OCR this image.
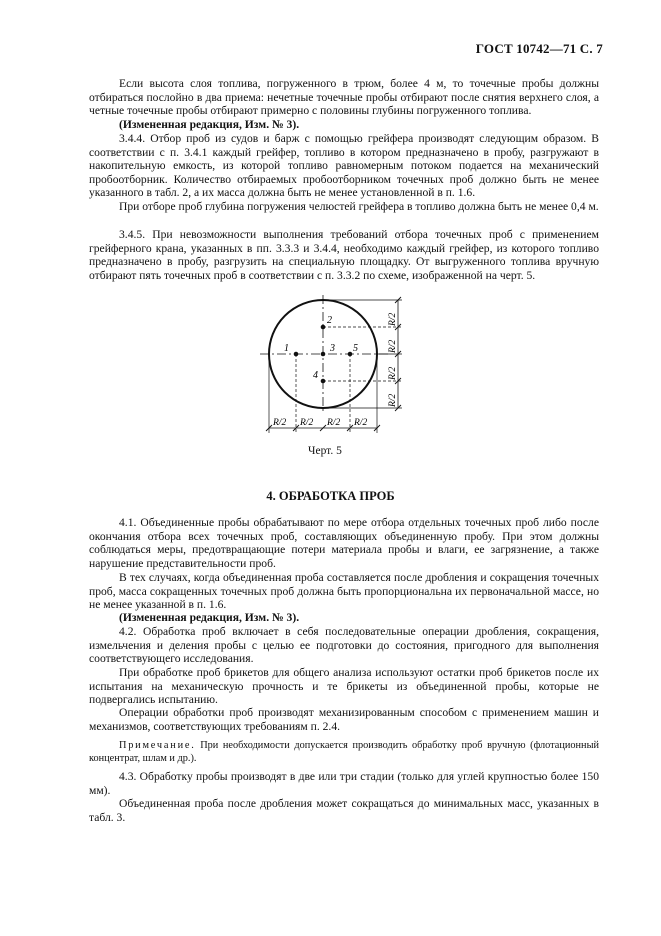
ГОСТ 10742—71 С. 7

Если высота слоя топлива, погруженного в трюм, более 4 м, то точечные пробы должны отбираться послойно в два приема: нечетные точечные пробы отбирают после снятия верхнего слоя, а четные точечные пробы отбирают примерно с половины глубины погруженного топлива.

(Измененная редакция, Изм. № 3).

3.4.4. Отбор проб из судов и барж с помощью грейфера производят следующим образом. В соответствии с п. 3.4.1 каждый грейфер, топливо в котором предназначено в пробу, разгружают в накопительную емкость, из которой топливо равномерным потоком подается на механический пробоотборник. Количество отбираемых пробоотборником точечных проб должно быть не менее указанного в табл. 2, а их масса должна быть не менее установленной в п. 1.6.

При отборе проб глубина погружения челюстей грейфера в топливо должна быть не менее 0,4 м.

3.4.5. При невозможности выполнения требований отбора точечных проб с применением грейферного крана, указанных в пп. 3.3.3 и 3.4.4, необходимо каждый грейфер, из которого топливо предназначено в пробу, разгрузить на специальную площадку. От выгруженного топлива вручную отбирают пять точечных проб в соответствии с п. 3.3.2 по схеме, изображенной на черт. 5.

1
2
3
4
5
R/2 R/2 R/2 R/2
R/2
R/2
R/2
R/2
Черт. 5
4. ОБРАБОТКА ПРОБ

4.1. Объединенные пробы обрабатывают по мере отбора отдельных точечных проб либо после окончания отбора всех точечных проб, составляющих объединенную пробу. При этом должны соблюдаться меры, предотвращающие потери материала пробы и влаги, ее загрязнение, а также нарушение представительности проб.

В тех случаях, когда объединенная проба составляется после дробления и сокращения точечных проб, масса сокращенных точечных проб должна быть пропорциональна их первоначальной массе, но не менее указанной в п. 1.6.

(Измененная редакция, Изм. № 3).

4.2. Обработка проб включает в себя последовательные операции дробления, сокращения, измельчения и деления пробы с целью ее подготовки до состояния, пригодного для выполнения соответствующего исследования.

При обработке проб брикетов для общего анализа используют остатки проб брикетов после их испытания на механическую прочность и те брикеты из объединенной пробы, которые не подвергались испытанию.

Операции обработки проб производят механизированным способом с применением машин и механизмов, соответствующих требованиям п. 2.4.

Примечание. При необходимости допускается производить обработку проб вручную (флотационный концентрат, шлам и др.).

4.3. Обработку пробы производят в две или три стадии (только для углей крупностью более 150 мм).

Объединенная проба после дробления может сокращаться до минимальных масс, указанных в табл. 3.
